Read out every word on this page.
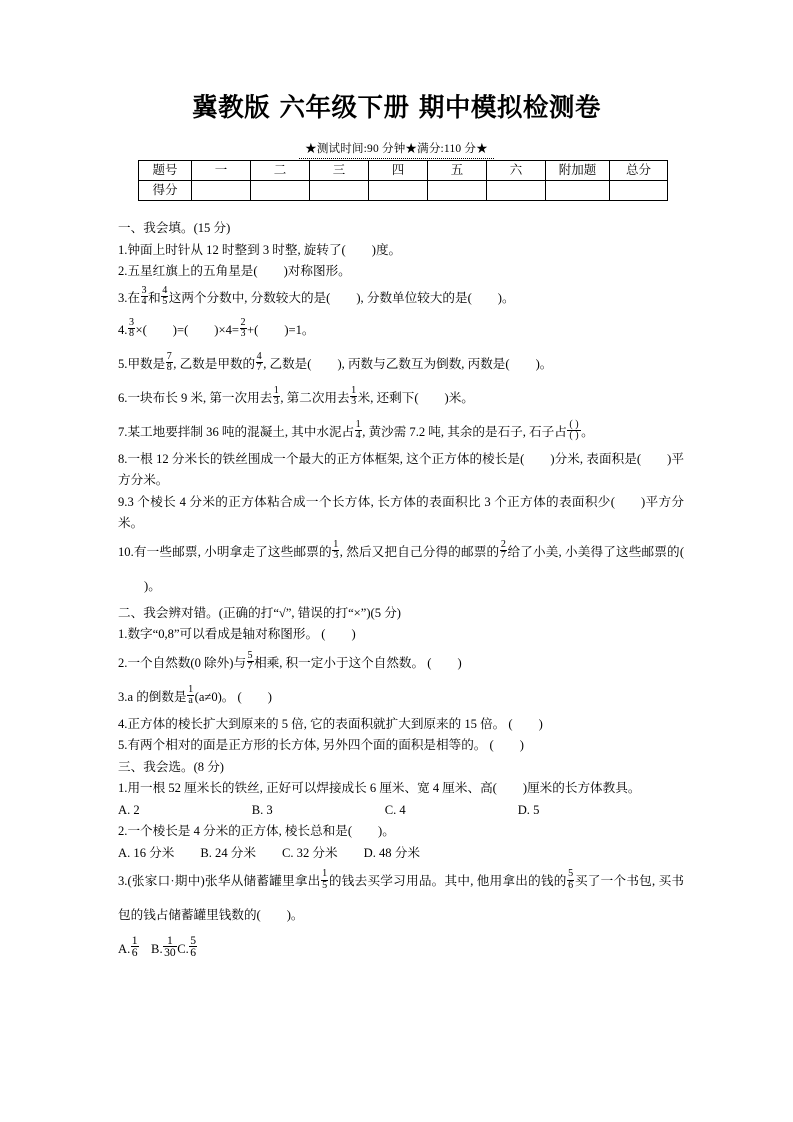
冀教版 六年级下册 期中模拟检测卷
★测试时间:90 分钟★满分:110 分★
题号	一	二	三	四	五	六	附加题	总分
得分								
一、我会填。(15 分)
1.钟面上时针从 12 时整到 3 时整, 旋转了( )度。
2.五星红旗上的五角星是( )对称图形。
3.在 $\frac{3}{4}$ 和 $\frac{4}{5}$ 这两个分数中, 分数较大的是( ), 分数单位较大的是( )。
4. $\frac{3}{8}$ ×( )=( )$\times 4= \frac{2}{3}$ +( )=1。
5.甲数是 $\frac{7}{8}$ , 乙数是甲数的 $\frac{4}{7}$ , 乙数是( ), 丙数与乙数互为倒数, 丙数是( )。
6.一块布长 9 米, 第一次用去 $\frac{1}{3}$ , 第二次用去 $\frac{1}{3}$ 米, 还剩下( )米。
7.某工地要拌制 36 吨的混凝土, 其中水泥占 $\frac{1}{4}$ , 黄沙需 7.2 吨, 其余的是石子, 石子占 $\frac{( )}{( )}$ 。
8.一根 12 分米长的铁丝围成一个最大的正方体框架, 这个正方体的棱长是( )分米, 表面积是( )平方分米。
9.3 个棱长 4 分米的正方体粘合成一个长方体, 长方体的表面积比 3 个正方体的表面积少( )平方分米。
10.有一些邮票, 小明拿走了这些邮票的 $\frac{1}{3}$ , 然后又把自己分得的邮票的 $\frac{2}{7}$ 给了小美, 小美得了这些邮票的()。
二、我会辨对错。(正确的打“√”, 错误的打“×”)(5 分)
1.数字“0,8”可以看成是轴对称图形。 ( )
2.一个自然数(0 除外)与 $\frac{5}{7}$ 相乘, 积一定小于这个自然数。 ( )
3.a 的倒数是 $\frac{1}{a} (a\ne 0)$。 ( )
4.正方体的棱长扩大到原来的 5 倍, 它的表面积就扩大到原来的 15 倍。 ( )
5.有两个相对的面是正方形的长方体, 另外四个面的面积是相等的。 ( )
三、我会选。(8 分)
1.用一根 52 厘米长的铁丝, 正好可以焊接成长 6 厘米、宽 4 厘米、高( )厘米的长方体教具。
A. 2	B. 3	C. 4	D. 5
2.一个棱长是 4 分米的正方体, 棱长总和是( )。
A. 16 分米 B. 24 分米 C. 32 分米 D. 48 分米
3.(张家口·期中)张华从储蓄罐里拿出 $\frac{1}{5}$ 的钱去买学习用品。其中, 他用拿出的钱的 $\frac{5}{6}$ 买了一个书包, 买书包的钱占储蓄罐里钱数的( )。
A. $\frac{1}{6} B$. $\frac{1}{30} C$. $\frac{5}{6}$
